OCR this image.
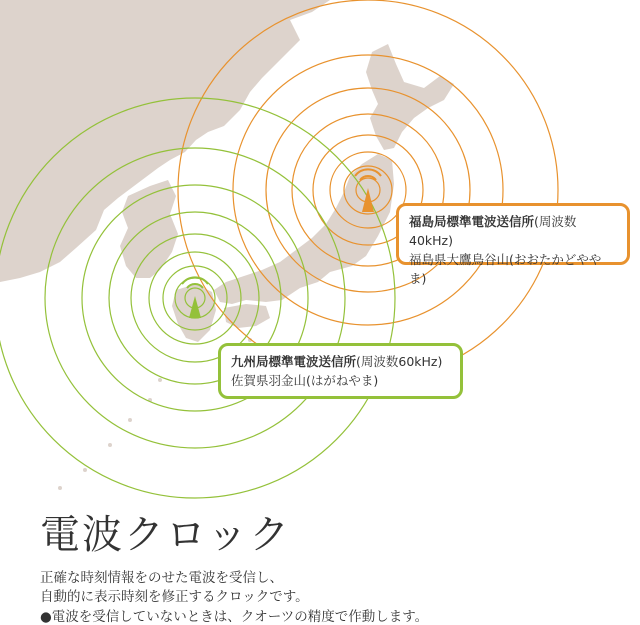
福島局標準電波送信所(周波数40kHz)
福島県大鷹鳥谷山(おおたかどややま)
九州局標準電波送信所(周波数60kHz)
佐賀県羽金山(はがねやま)
電波クロック
正確な時刻情報をのせた電波を受信し、
自動的に表示時刻を修正するクロックです。
●電波を受信していないときは、クオーツの精度で作動します。
